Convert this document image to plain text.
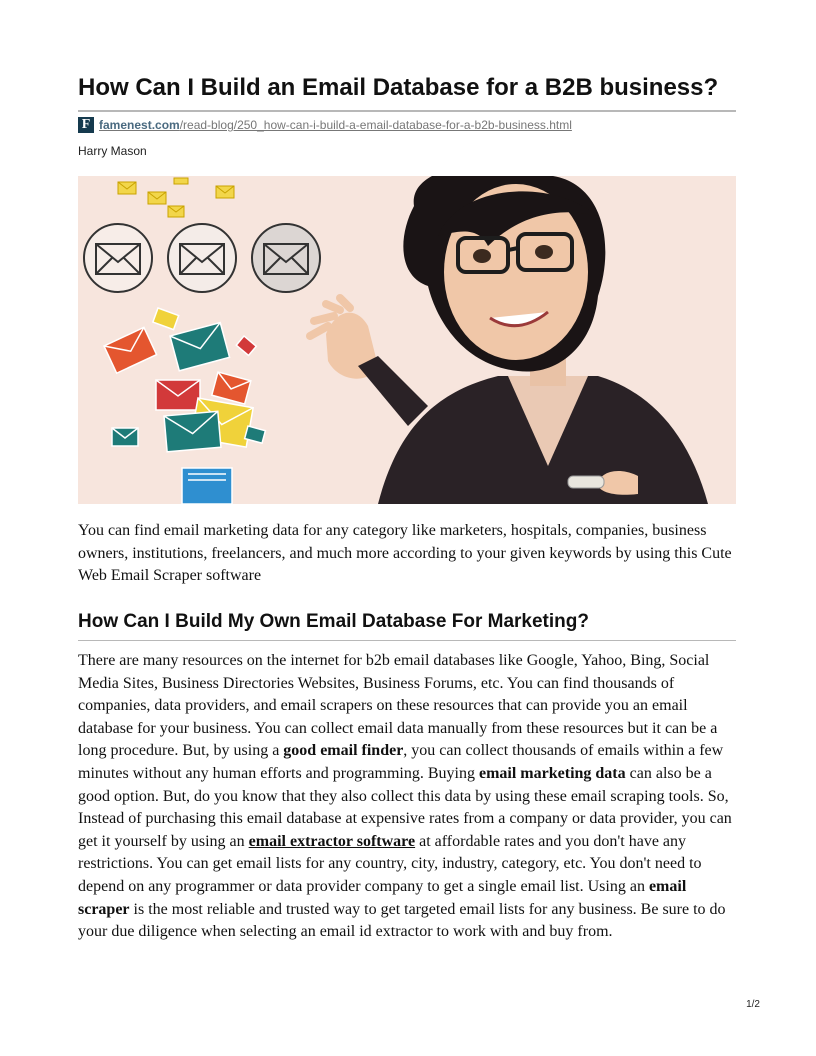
How Can I Build an Email Database for a B2B business?
F famenest.com/read-blog/250_how-can-i-build-a-email-database-for-a-b2b-business.html
Harry Mason

You can find email marketing data for any category like marketers, hospitals, companies, business owners, institutions, freelancers, and much more according to your given keywords by using this Cute Web Email Scraper software

How Can I Build My Own Email Database For Marketing?

There are many resources on the internet for b2b email databases like Google, Yahoo, Bing, Social Media Sites, Business Directories Websites, Business Forums, etc. You can find thousands of companies, data providers, and email scrapers on these resources that can provide you an email database for your business. You can collect email data manually from these resources but it can be a long procedure. But, by using a good email finder, you can collect thousands of emails within a few minutes without any human efforts and programming. Buying email marketing data can also be a good option. But, do you know that they also collect this data by using these email scraping tools. So, Instead of purchasing this email database at expensive rates from a company or data provider, you can get it yourself by using an email extractor software at affordable rates and you don't have any restrictions. You can get email lists for any country, city, industry, category, etc. You don't need to depend on any programmer or data provider company to get a single email list. Using an email scraper is the most reliable and trusted way to get targeted email lists for any business. Be sure to do your due diligence when selecting an email id extractor to work with and buy from.

1/2
